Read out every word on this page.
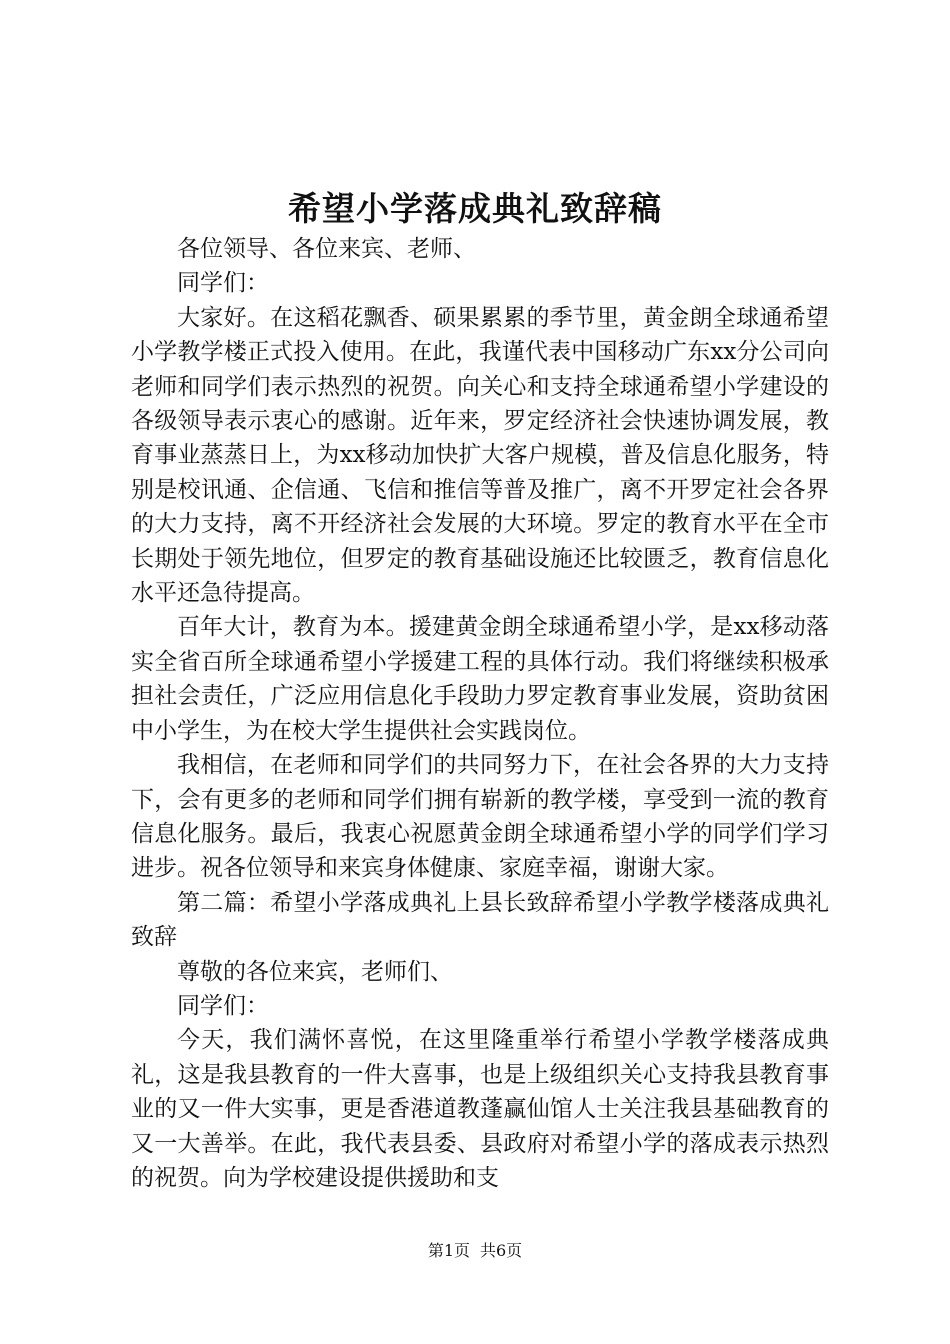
希望小学落成典礼致辞稿

各位领导、各位来宾、老师、

同学们：

大家好。在这稻花飘香、硕果累累的季节里，黄金朗全球通希望小学教学楼正式投入使用。在此，我谨代表中国移动广东xx分公司向老师和同学们表示热烈的祝贺。向关心和支持全球通希望小学建设的各级领导表示衷心的感谢。近年来，罗定经济社会快速协调发展，教育事业蒸蒸日上，为xx移动加快扩大客户规模，普及信息化服务，特别是校讯通、企信通、飞信和推信等普及推广，离不开罗定社会各界的大力支持，离不开经济社会发展的大环境。罗定的教育水平在全市长期处于领先地位，但罗定的教育基础设施还比较匮乏，教育信息化水平还急待提高。

百年大计，教育为本。援建黄金朗全球通希望小学，是xx移动落实全省百所全球通希望小学援建工程的具体行动。我们将继续积极承担社会责任，广泛应用信息化手段助力罗定教育事业发展，资助贫困中小学生，为在校大学生提供社会实践岗位。

我相信，在老师和同学们的共同努力下，在社会各界的大力支持下，会有更多的老师和同学们拥有崭新的教学楼，享受到一流的教育信息化服务。最后，我衷心祝愿黄金朗全球通希望小学的同学们学习进步。祝各位领导和来宾身体健康、家庭幸福，谢谢大家。

第二篇：希望小学落成典礼上县长致辞希望小学教学楼落成典礼致辞

尊敬的各位来宾，老师们、

同学们：

今天，我们满怀喜悦，在这里隆重举行希望小学教学楼落成典礼，这是我县教育的一件大喜事，也是上级组织关心支持我县教育事业的又一件大实事，更是香港道教蓬赢仙馆人士关注我县基础教育的又一大善举。在此，我代表县委、县政府对希望小学的落成表示热烈的祝贺。向为学校建设提供援助和支

第1页 共6页
